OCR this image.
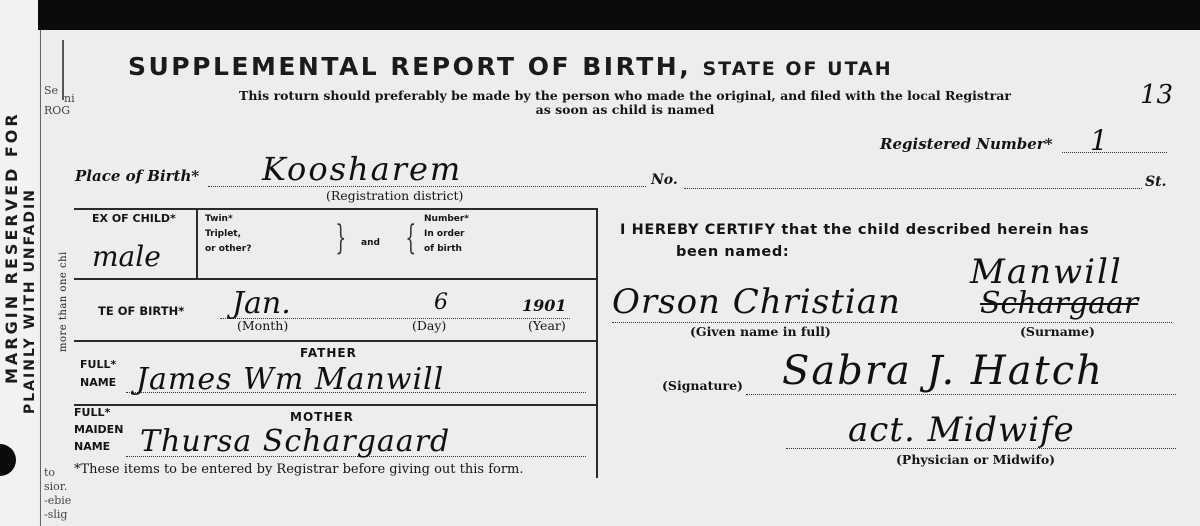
MARGIN RESERVED FOR PLAINLY WITH UNFADIN
Se
ni
ROG
to
sior.
-ebie
-slig
more than one chi
SUPPLEMENTAL REPORT OF BIRTH, STATE OF UTAH
This roturn should preferably be made by the person who made the original, and filed with the local Registrar
as soon as child is named	13
Registered Number* 1
Place of Birth* Koosharem
(Registration district)
No.	St.
EX OF CHILD*
male
Twin*
Triplet,
or other? } and { Number*
In order
of birth
TE OF BIRTH* Jan.	6	1901
(Month)	(Day)	(Year)
FATHER
FULL*
NAME James Wm Manwill
MOTHER
FULL*
MAIDEN
NAME Thursa Schargaard
*These items to be entered by Registrar before giving out this form.
I HEREBY CERTIFY that the child described herein has
been named:	Manwill
Orson Christian	Schargaar
(Given name in full)	(Surname)
(Signature) Sabra J. Hatch
act. Midwife
(Physician or Midwifo)
